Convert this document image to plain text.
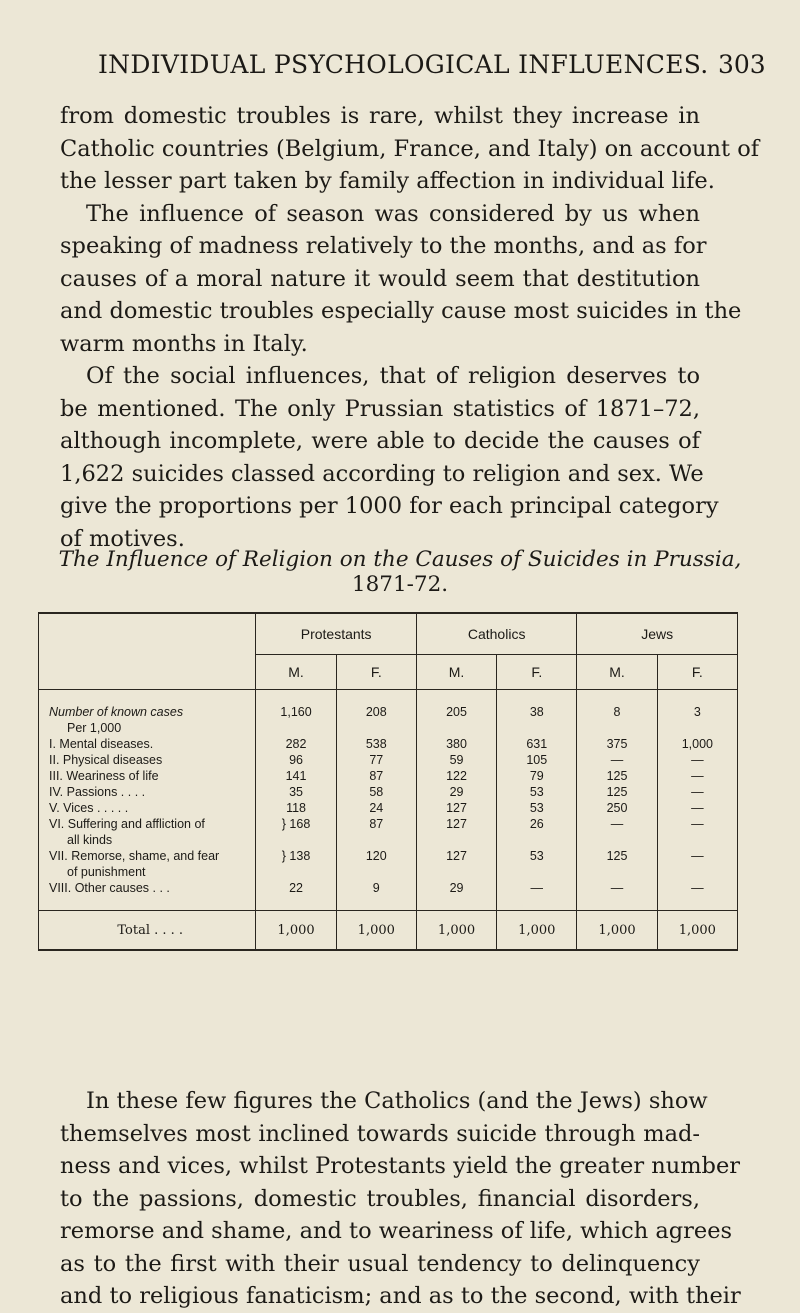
INDIVIDUAL PSYCHOLOGICAL INFLUENCES. 303
from domestic troubles is rare, whilst they increase in
Catholic countries (Belgium, France, and Italy) on account of
the lesser part taken by family affection in individual life.
The influence of season was considered by us when
speaking of madness relatively to the months, and as for
causes of a moral nature it would seem that destitution
and domestic troubles especially cause most suicides in the
warm months in Italy.
Of the social influences, that of religion deserves to
be mentioned. The only Prussian statistics of 1871–72,
although incomplete, were able to decide the causes of
1,622 suicides classed according to religion and sex. We
give the proportions per 1000 for each principal category
of motives.
The Influence of Religion on the Causes of Suicides in Prussia,
1871-72.
	Protestants		Catholics		Jews	
	M.	F.	M.	F.	M.	F.

Number of known cases
Per 1,000	1,160	208	205	38	8	3
I. Mental diseases.	282	538	380	631	375	1,000
II. Physical diseases	96	77	59	105	—	—
III. Weariness of life	141	87	122	79	125	—
IV. Passions . . . .	35	58	29	53	125	—
V. Vices . . . . .	118	24	127	53	250	—
VI. Suffering and affliction of
all kinds	} 168	87	127	26	—	—
VII. Remorse, shame, and fear
of punishment	} 138	120	127	53	125	—
VIII. Other causes . . .	22	9	29	—	—	—

Total . . . .	1,000	1,000	1,000	1,000	1,000	1,000
In these few figures the Catholics (and the Jews) show
themselves most inclined towards suicide through mad-
ness and vices, whilst Protestants yield the greater number
to the passions, domestic troubles, financial disorders,
remorse and shame, and to weariness of life, which agrees
as to the first with their usual tendency to delinquency
and to religious fanaticism; and as to the second, with their
